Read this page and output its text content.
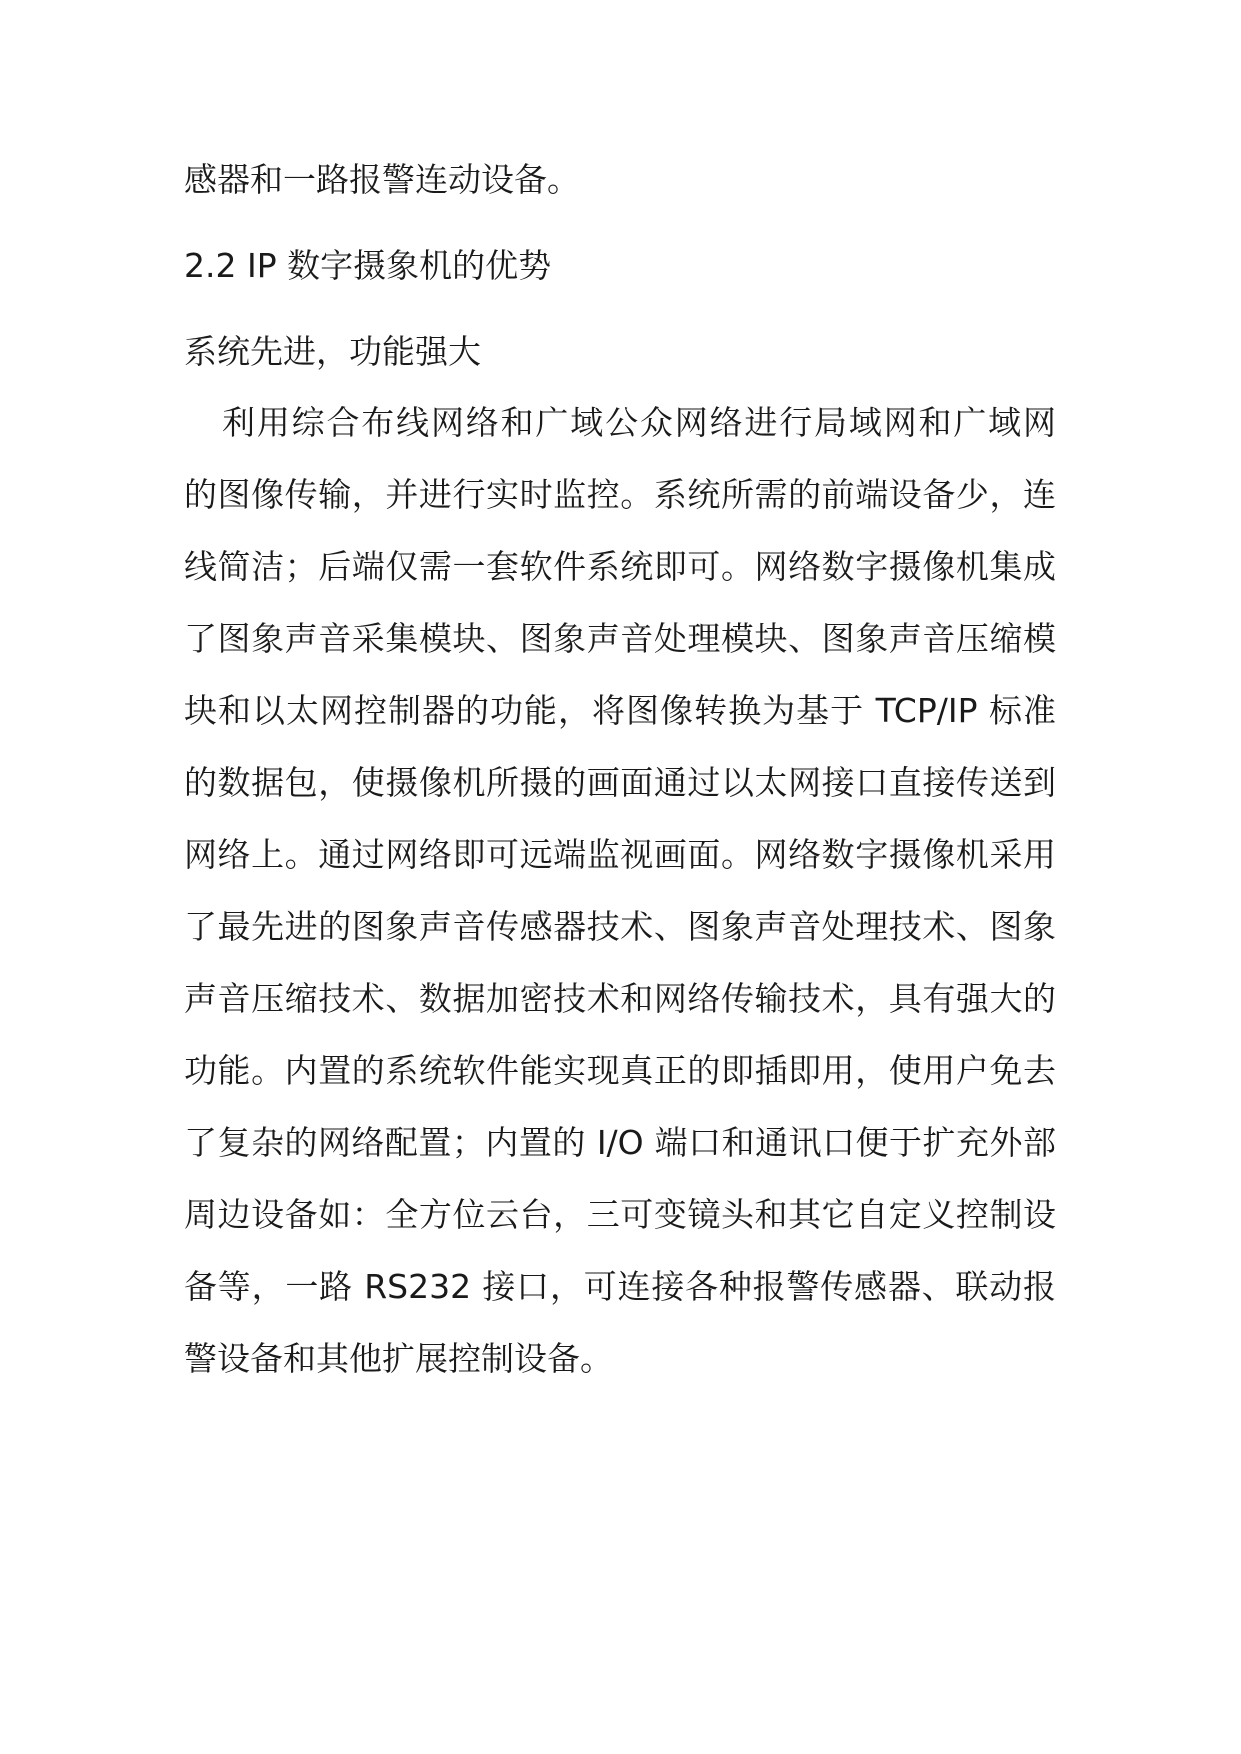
感器和一路报警连动设备。

2.2 IP 数字摄象机的优势

系统先进，功能强大

利用综合布线网络和广域公众网络进行局域网和广域网

的图像传输，并进行实时监控。系统所需的前端设备少，连

线简洁；后端仅需一套软件系统即可。网络数字摄像机集成

了图象声音采集模块、图象声音处理模块、图象声音压缩模

块和以太网控制器的功能，将图像转换为基于 TCP/IP 标准

的数据包，使摄像机所摄的画面通过以太网接口直接传送到

网络上。通过网络即可远端监视画面。网络数字摄像机采用

了最先进的图象声音传感器技术、图象声音处理技术、图象

声音压缩技术、数据加密技术和网络传输技术，具有强大的

功能。内置的系统软件能实现真正的即插即用，使用户免去

了复杂的网络配置；内置的 I/O 端口和通讯口便于扩充外部

周边设备如：全方位云台，三可变镜头和其它自定义控制设

备等，一路 RS232 接口，可连接各种报警传感器、联动报

警设备和其他扩展控制设备。
